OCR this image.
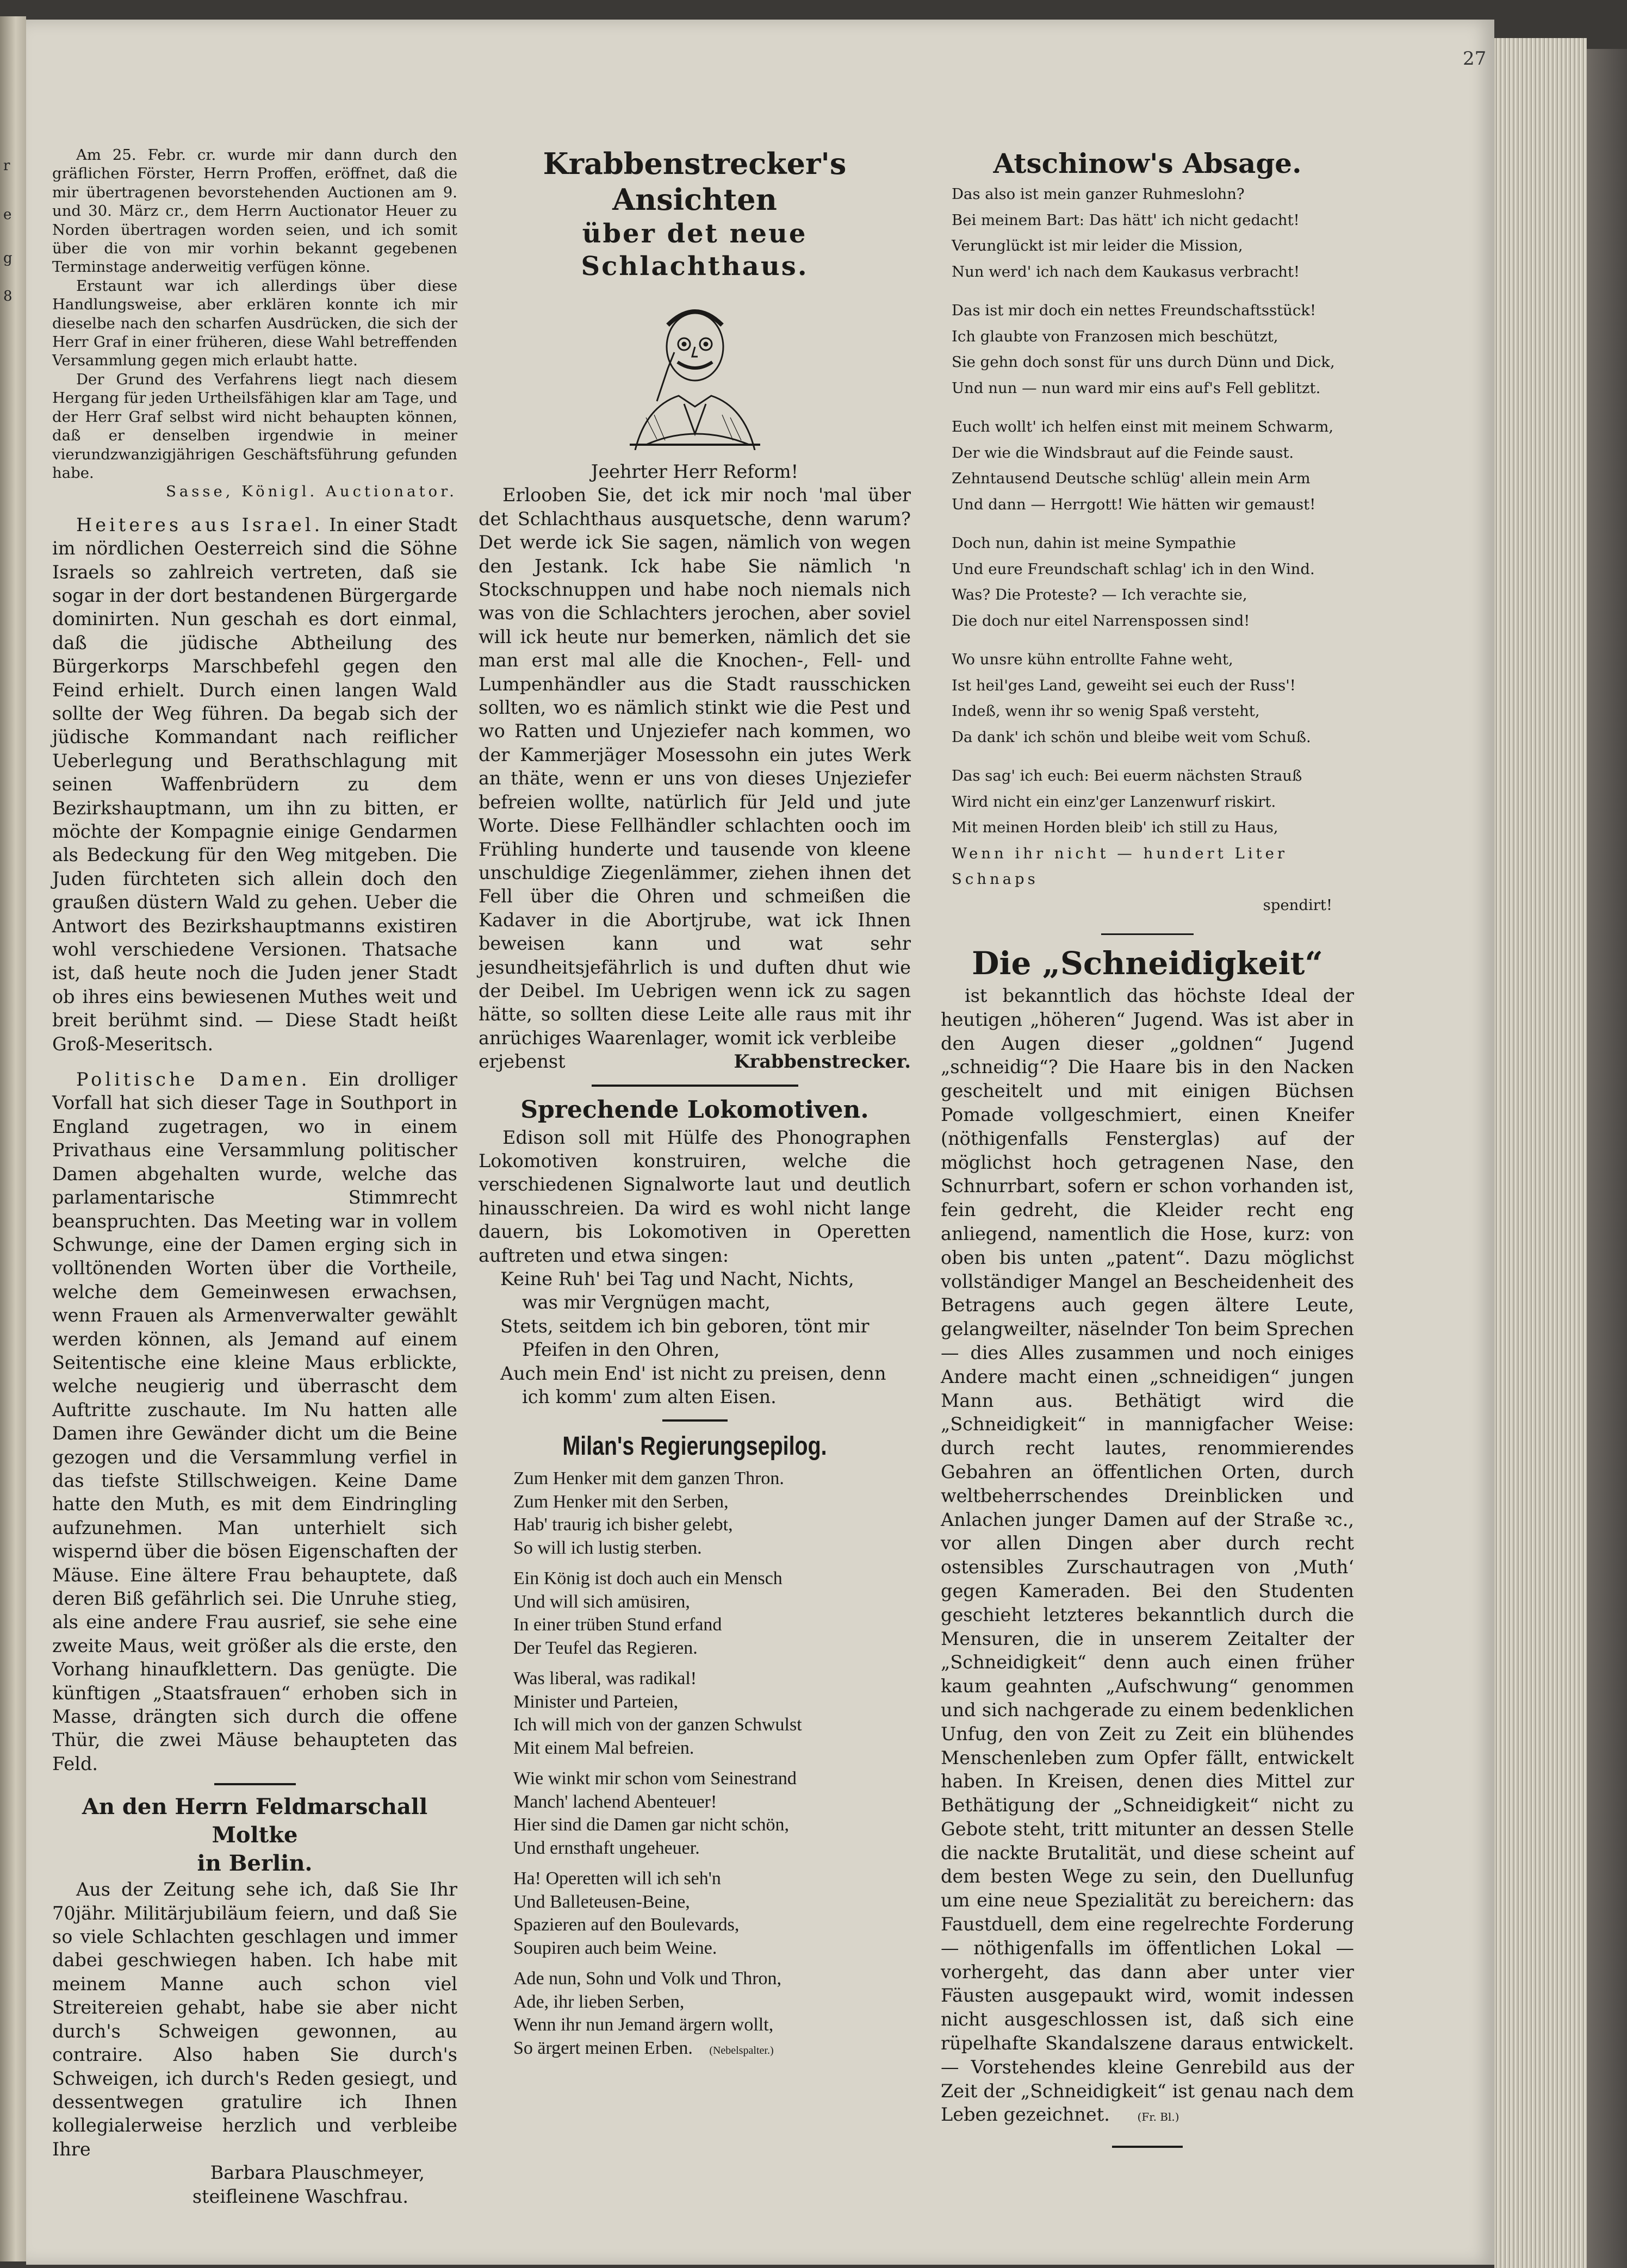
r
e
g
8
27

Am 25. Febr. cr. wurde mir dann durch den gräflichen Förster, Herrn Proffen, eröffnet, daß die mir übertragenen bevorstehenden Auctionen am 9. und 30. März cr., dem Herrn Auctionator Heuer zu Norden übertragen worden seien, und ich somit über die von mir vorhin bekannt gegebenen Terminstage anderweitig verfügen könne.

Erstaunt war ich allerdings über diese Handlungsweise, aber erklären konnte ich mir dieselbe nach den scharfen Ausdrücken, die sich der Herr Graf in einer früheren, diese Wahl betreffenden Versammlung gegen mich erlaubt hatte.

Der Grund des Verfahrens liegt nach diesem Hergang für jeden Urtheilsfähigen klar am Tage, und der Herr Graf selbst wird nicht behaupten können, daß er denselben irgendwie in meiner vierundzwanzigjährigen Geschäftsführung gefunden habe.

Sasse, Königl. Auctionator.

Heiteres aus Israel. In einer Stadt im nördlichen Oesterreich sind die Söhne Israels so zahlreich vertreten, daß sie sogar in der dort bestandenen Bürgergarde dominirten. Nun geschah es dort einmal, daß die jüdische Abtheilung des Bürgerkorps Marschbefehl gegen den Feind erhielt. Durch einen langen Wald sollte der Weg führen. Da begab sich der jüdische Kommandant nach reiflicher Ueberlegung und Berathschlagung mit seinen Waffenbrüdern zu dem Bezirkshauptmann, um ihn zu bitten, er möchte der Kompagnie einige Gendarmen als Bedeckung für den Weg mitgeben. Die Juden fürchteten sich allein doch den graußen düstern Wald zu gehen. Ueber die Antwort des Bezirkshauptmanns existiren wohl verschiedene Versionen. Thatsache ist, daß heute noch die Juden jener Stadt ob ihres eins bewiesenen Muthes weit und breit berühmt sind. — Diese Stadt heißt Groß-Meseritsch.

Politische Damen. Ein drolliger Vorfall hat sich dieser Tage in Southport in England zugetragen, wo in einem Privathaus eine Versammlung politischer Damen abgehalten wurde, welche das parlamentarische Stimmrecht beanspruchten. Das Meeting war in vollem Schwunge, eine der Damen erging sich in volltönenden Worten über die Vortheile, welche dem Gemeinwesen erwachsen, wenn Frauen als Armenverwalter gewählt werden können, als Jemand auf einem Seitentische eine kleine Maus erblickte, welche neugierig und überrascht dem Auftritte zuschaute. Im Nu hatten alle Damen ihre Gewänder dicht um die Beine gezogen und die Versammlung verfiel in das tiefste Stillschweigen. Keine Dame hatte den Muth, es mit dem Eindringling aufzunehmen. Man unterhielt sich wispernd über die bösen Eigenschaften der Mäuse. Eine ältere Frau behauptete, daß deren Biß gefährlich sei. Die Unruhe stieg, als eine andere Frau ausrief, sie sehe eine zweite Maus, weit größer als die erste, den Vorhang hinaufklettern. Das genügte. Die künftigen „Staatsfrauen“ erhoben sich in Masse, drängten sich durch die offene Thür, die zwei Mäuse behaupteten das Feld.

An den Herrn Feldmarschall Moltke
in Berlin.

Aus der Zeitung sehe ich, daß Sie Ihr 70jähr. Militärjubiläum feiern, und daß Sie so viele Schlachten geschlagen und immer dabei geschwiegen haben. Ich habe mit meinem Manne auch schon viel Streitereien gehabt, habe sie aber nicht durch's Schweigen gewonnen, au contraire. Also haben Sie durch's Schweigen, ich durch's Reden gesiegt, und dessentwegen gratulire ich Ihnen kollegialerweise herzlich und verbleibe Ihre

Barbara Plauschmeyer,

steifleinene Waschfrau.

Krabbenstrecker's Ansichten
über det neue Schlachthaus.

Jeehrter Herr Reform!

Erlooben Sie, det ick mir noch 'mal über det Schlachthaus ausquetsche, denn warum? Det werde ick Sie sagen, nämlich von wegen den Jestank. Ick habe Sie nämlich 'n Stockschnuppen und habe noch niemals nich was von die Schlachters jerochen, aber soviel will ick heute nur bemerken, nämlich det sie man erst mal alle die Knochen-, Fell- und Lumpenhändler aus die Stadt rausschicken sollten, wo es nämlich stinkt wie die Pest und wo Ratten und Unjeziefer nach kommen, wo der Kammerjäger Mosessohn ein jutes Werk an thäte, wenn er uns von dieses Unjeziefer befreien wollte, natürlich für Jeld und jute Worte. Diese Fellhändler schlachten ooch im Frühling hunderte und tausende von kleene unschuldige Ziegenlämmer, ziehen ihnen det Fell über die Ohren und schmeißen die Kadaver in die Abortjrube, wat ick Ihnen beweisen kann und wat sehr jesundheitsjefährlich is und duften dhut wie der Deibel. Im Uebrigen wenn ick zu sagen hätte, so sollten diese Leite alle raus mit ihr anrüchiges Waarenlager, womit ick verbleibe

erjebenst	Krabbenstrecker.

Sprechende Lokomotiven.

Edison soll mit Hülfe des Phonographen Lokomotiven konstruiren, welche die verschiedenen Signalworte laut und deutlich hinausschreien. Da wird es wohl nicht lange dauern, bis Lokomotiven in Operetten auftreten und etwa singen:

Keine Ruh' bei Tag und Nacht, Nichts,
was mir Vergnügen macht,
Stets, seitdem ich bin geboren, tönt mir
Pfeifen in den Ohren,
Auch mein End' ist nicht zu preisen, denn
ich komm' zum alten Eisen.
Milan's Regierungsepilog.
Zum Henker mit dem ganzen Thron.
Zum Henker mit den Serben,
Hab' traurig ich bisher gelebt,
So will ich lustig sterben.
Ein König ist doch auch ein Mensch
Und will sich amüsiren,
In einer trüben Stund erfand
Der Teufel das Regieren.
Was liberal, was radikal!
Minister und Parteien,
Ich will mich von der ganzen Schwulst
Mit einem Mal befreien.
Wie winkt mir schon vom Seinestrand
Manch' lachend Abenteuer!
Hier sind die Damen gar nicht schön,
Und ernsthaft ungeheuer.
Ha! Operetten will ich seh'n
Und Balleteusen-Beine,
Spazieren auf den Boulevards,
Soupiren auch beim Weine.
Ade nun, Sohn und Volk und Thron,
Ade, ihr lieben Serben,
Wenn ihr nun Jemand ärgern wollt,
So ärgert meinen Erben. (Nebelspalter.)
Atschinow's Absage.
Das also ist mein ganzer Ruhmeslohn?
Bei meinem Bart: Das hätt' ich nicht gedacht!
Verunglückt ist mir leider die Mission,
Nun werd' ich nach dem Kaukasus verbracht!
Das ist mir doch ein nettes Freundschaftsstück!
Ich glaubte von Franzosen mich beschützt,
Sie gehn doch sonst für uns durch Dünn und Dick,
Und nun — nun ward mir eins auf's Fell geblitzt.
Euch wollt' ich helfen einst mit meinem Schwarm,
Der wie die Windsbraut auf die Feinde saust.
Zehntausend Deutsche schlüg' allein mein Arm
Und dann — Herrgott! Wie hätten wir gemaust!
Doch nun, dahin ist meine Sympathie
Und eure Freundschaft schlag' ich in den Wind.
Was? Die Proteste? — Ich verachte sie,
Die doch nur eitel Narrenspossen sind!
Wo unsre kühn entrollte Fahne weht,
Ist heil'ges Land, geweiht sei euch der Russ'!
Indeß, wenn ihr so wenig Spaß versteht,
Da dank' ich schön und bleibe weit vom Schuß.
Das sag' ich euch: Bei euerm nächsten Strauß
Wird nicht ein einz'ger Lanzenwurf riskirt.
Mit meinen Horden bleib' ich still zu Haus,
Wenn ihr nicht — hundert Liter Schnaps
spendirt!
Die „Schneidigkeit“

ist bekanntlich das höchste Ideal der heutigen „höheren“ Jugend. Was ist aber in den Augen dieser „goldnen“ Jugend „schneidig“? Die Haare bis in den Nacken gescheitelt und mit einigen Büchsen Pomade vollgeschmiert, einen Kneifer (nöthigenfalls Fensterglas) auf der möglichst hoch getragenen Nase, den Schnurrbart, sofern er schon vorhanden ist, fein gedreht, die Kleider recht eng anliegend, namentlich die Hose, kurz: von oben bis unten „patent“. Dazu möglichst vollständiger Mangel an Bescheidenheit des Betragens auch gegen ältere Leute, gelangweilter, näselnder Ton beim Sprechen — dies Alles zusammen und noch einiges Andere macht einen „schneidigen“ jungen Mann aus. Bethätigt wird die „Schneidigkeit“ in mannigfacher Weise: durch recht lautes, renommierendes Gebahren an öffentlichen Orten, durch weltbeherrschendes Dreinblicken und Anlachen junger Damen auf der Straße ꝛc., vor allen Dingen aber durch recht ostensibles Zurschautragen von ‚Muth‘ gegen Kameraden. Bei den Studenten geschieht letzteres bekanntlich durch die Mensuren, die in unserem Zeitalter der „Schneidigkeit“ denn auch einen früher kaum geahnten „Aufschwung“ genommen und sich nachgerade zu einem bedenklichen Unfug, den von Zeit zu Zeit ein blühendes Menschenleben zum Opfer fällt, entwickelt haben. In Kreisen, denen dies Mittel zur Bethätigung der „Schneidigkeit“ nicht zu Gebote steht, tritt mitunter an dessen Stelle die nackte Brutalität, und diese scheint auf dem besten Wege zu sein, den Duellunfug um eine neue Spezialität zu bereichern: das Faustduell, dem eine regelrechte Forderung — nöthigenfalls im öffentlichen Lokal — vorhergeht, das dann aber unter vier Fäusten ausgepaukt wird, womit indessen nicht ausgeschlossen ist, daß sich eine rüpelhafte Skandalszene daraus entwickelt. — Vorstehendes kleine Genrebild aus der Zeit der „Schneidigkeit“ ist genau nach dem Leben gezeichnet.	(Fr. Bl.)
